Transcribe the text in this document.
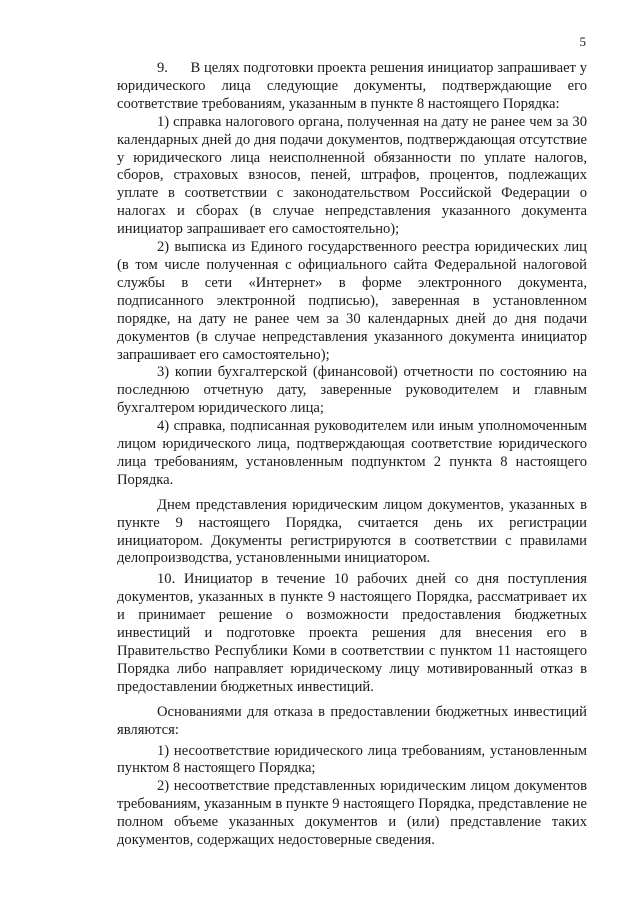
5

9.      В целях подготовки проекта решения инициатор запрашивает у юридического лица следующие документы, подтверждающие его соответствие требованиям, указанным в пункте 8 настоящего Порядка:

1) справка налогового органа, полученная на дату не ранее чем за 30 календарных дней до дня подачи документов, подтверждающая отсутствие у юридического лица неисполненной обязанности по уплате налогов, сборов, страховых взносов, пеней, штрафов, процентов, подлежащих уплате в соответствии с законодательством Российской Федерации о налогах и сборах (в случае непредставления указанного документа инициатор запрашивает его самостоятельно);

2) выписка из Единого государственного реестра юридических лиц (в том числе полученная с официального сайта Федеральной налоговой службы в сети «Интернет» в форме электронного документа, подписанного электронной подписью), заверенная в установленном порядке, на дату не ранее чем за 30 календарных дней до дня подачи документов (в случае непредставления указанного документа инициатор запрашивает его самостоятельно);

3) копии бухгалтерской (финансовой) отчетности по состоянию на последнюю отчетную дату, заверенные руководителем и главным бухгалтером юридического лица;

4) справка, подписанная руководителем или иным уполномоченным лицом юридического лица, подтверждающая соответствие юридического лица требованиям, установленным подпунктом 2 пункта 8 настоящего Порядка.

Днем представления юридическим лицом документов, указанных в пункте 9 настоящего Порядка, считается день их регистрации инициатором. Документы регистрируются в соответствии с правилами делопроизводства, установленными инициатором.

10. Инициатор в течение 10 рабочих дней со дня поступления документов, указанных в пункте 9 настоящего Порядка, рассматривает их и принимает решение о возможности предоставления бюджетных инвестиций и подготовке проекта решения для внесения его в Правительство Республики Коми в соответствии с пунктом 11 настоящего Порядка либо направляет юридическому лицу мотивированный отказ в предоставлении бюджетных инвестиций.

Основаниями для отказа в предоставлении бюджетных инвестиций являются:

1) несоответствие юридического лица требованиям, установленным пунктом 8 настоящего Порядка;

2) несоответствие представленных юридическим лицом документов требованиям, указанным в пункте 9 настоящего Порядка, представление не полном объеме указанных документов и (или) представление таких документов, содержащих недостоверные сведения.
